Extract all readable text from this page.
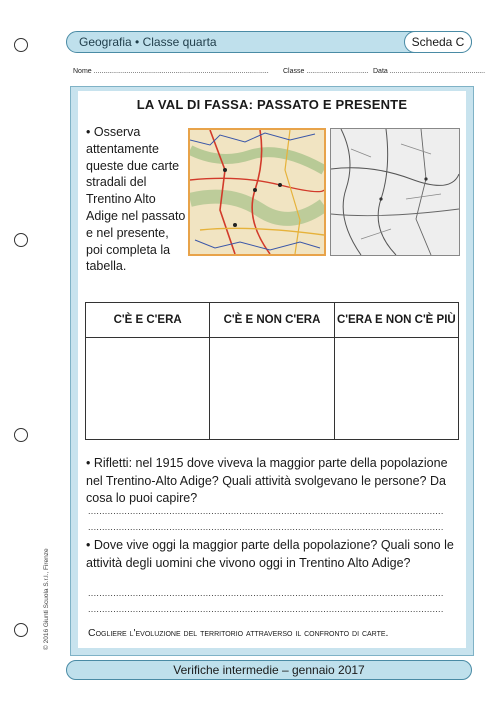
Geografia • Classe quarta	Scheda C
Nome .......................................................................................... Classe ................................ Data .................................................
LA VAL DI FASSA: PASSATO E PRESENTE
• Osserva attentamente queste due carte stradali del Trentino Alto Adige nel passato e nel presente, poi completa la tabella.
C'È E C'ERA	C'È E NON C'ERA	C'ERA E NON C'È PIÙ

• Rifletti: nel 1915 dove viveva la maggior parte della popolazione nel Trentino-Alto Adige? Quali attività svolgevano le persone? Da cosa lo puoi capire?
...............................................................................................................................
...............................................................................................................................
• Dove vive oggi la maggior parte della popolazione? Quali sono le attività degli uomini che vivono oggi in Trentino Alto Adige?
...............................................................................................................................
...............................................................................................................................
Cogliere l'evoluzione del territorio attraverso il confronto di carte.
© 2016 Giunti Scuola S.r.l., Firenze
Verifiche intermedie – gennaio 2017
